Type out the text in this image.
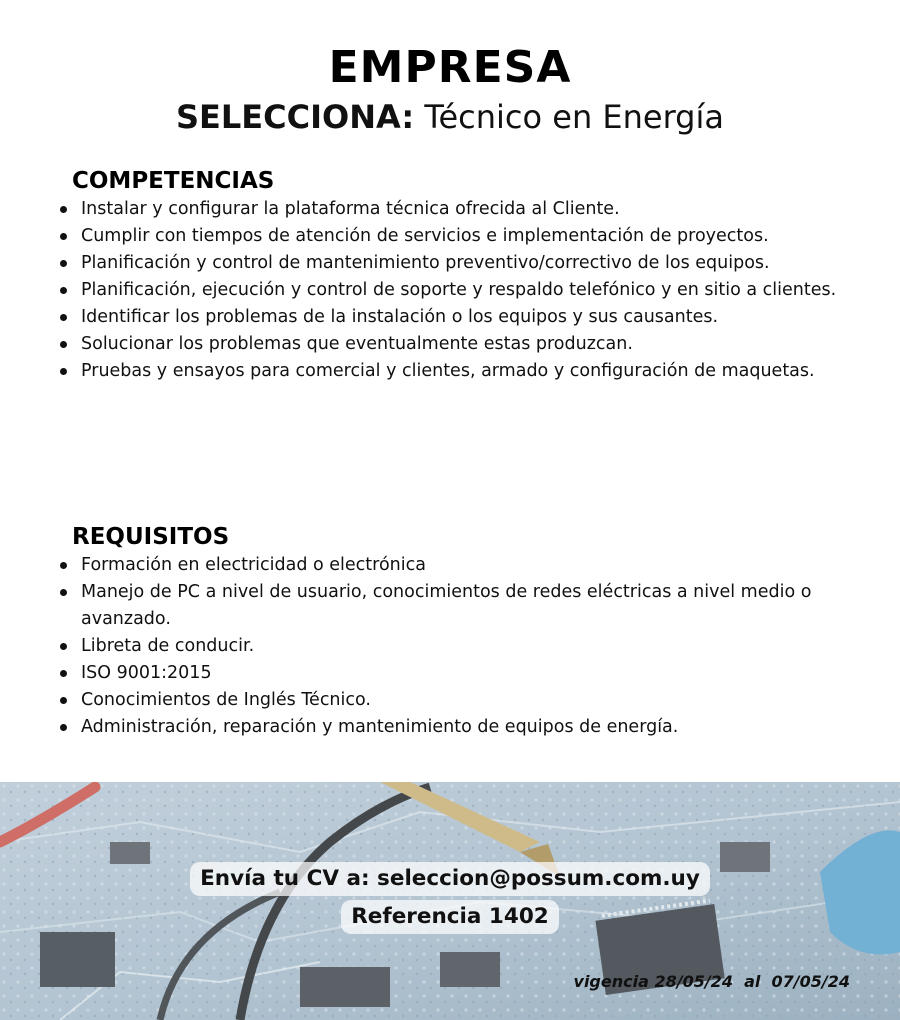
EMPRESA
SELECCIONA: Técnico en Energía
COMPETENCIAS
Instalar y configurar la plataforma técnica ofrecida al Cliente.
Cumplir con tiempos de atención de servicios e implementación de proyectos.
Planificación y control de mantenimiento preventivo/correctivo de los equipos.
Planificación, ejecución y control de soporte y respaldo telefónico y en sitio a clientes.
Identificar los problemas de la instalación o los equipos y sus causantes.
Solucionar los problemas que eventualmente estas produzcan.
Pruebas y ensayos para comercial y clientes, armado y configuración de maquetas.
REQUISITOS
Formación en electricidad o electrónica
Manejo de PC a nivel de usuario, conocimientos de redes eléctricas a nivel medio o avanzado.
Libreta de conducir.
ISO 9001:2015
Conocimientos de Inglés Técnico.
Administración, reparación y mantenimiento de equipos de energía.
Envía tu CV a: seleccion@possum.com.uy
Referencia 1402
vigencia 28/05/24  al  07/05/24
